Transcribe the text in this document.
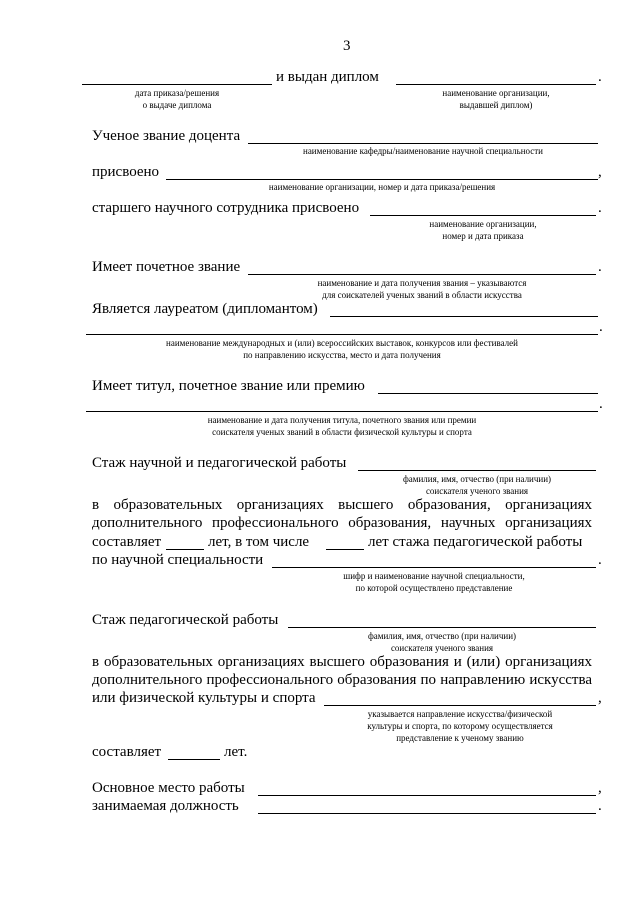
3
и выдан диплом	.
дата приказа/решения
о выдаче диплома
наименование организации,
выдавшей диплом)
Ученое звание доцента
наименование кафедры/наименование научной специальности
присвоено	,
наименование организации, номер и дата приказа/решения
старшего научного сотрудника присвоено	.
наименование организации,
номер и дата приказа
Имеет почетное звание	.
наименование и дата получения звания – указываются
для соискателей ученых званий в области искусства
Является лауреатом (дипломантом)
.
наименование международных и (или) всероссийских выставок, конкурсов или фестивалей
по направлению искусства, место и дата получения
Имеет титул, почетное звание или премию
.
наименование и дата получения титула, почетного звания или премии
соискателя ученых званий в области физической культуры и спорта
Стаж научной и педагогической работы
фамилия, имя, отчество (при наличии)
соискателя ученого звания
в образовательных организациях высшего образования, организациях
дополнительного профессионального образования, научных организациях
составляет	лет, в том числе	лет стажа педагогической работы
по научной специальности	.
шифр и наименование научной специальности,
по которой осуществлено представление
Стаж педагогической работы
фамилия, имя, отчество (при наличии)
соискателя ученого звания
в образовательных организациях высшего образования и (или) организациях
дополнительного профессионального образования по направлению искусства
или физической культуры и спорта	,
указывается направление искусства/физической
культуры и спорта, по которому осуществляется
представление к ученому званию
составляет	лет.
Основное место работы	,
занимаемая должность	.
